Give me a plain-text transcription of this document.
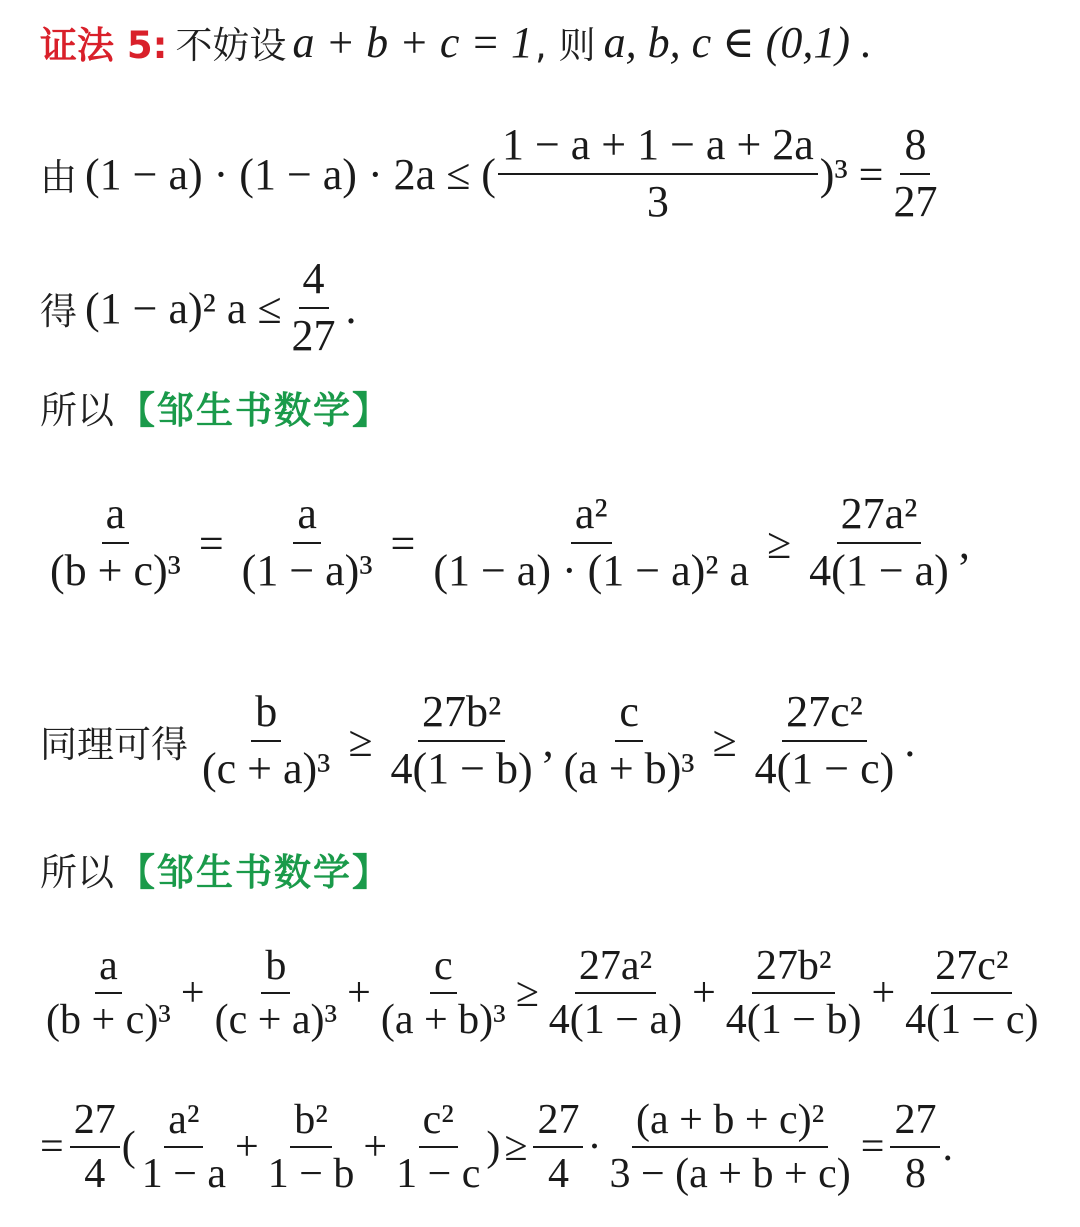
证法 5: 不妨设 a + b + c = 1 , 则 a, b, c ∈ (0,1) .
由 (1 − a) · (1 − a) · 2a ≤ ( $\frac{1 - a + 1 - a + 2a}{3} )^3 = \frac{8}{27}$
得 (1 − a)² $a \le \frac{4}{27}$ .
所以 【邹生书数学】
$\frac{a}{\text{(b + c)³}} = \frac{a}{\text{(1 − a)³}} = \frac{\text{a²}}{\text{(1 − a) · (1 − a)² a}} \ge \frac{\text{27a²}}{4(1 - a)}$ ,
同理可得 $\frac{b}{\text{(c + a)³}} \ge \frac{\text{27b²}}{4(1 - b)}$ , $\frac{c}{\text{(a + b)³}} \ge \frac{\text{27c²}}{4(1 - c)}$ .
所以 【邹生书数学】
$\frac{a}{\text{(b + c)³}} + \frac{b}{\text{(c + a)³}} + \frac{c}{\text{(a + b)³}} \ge \frac{\text{27a²}}{4(1 - a)} + \frac{\text{27b²}}{4(1 - b)} + \frac{\text{27c²}}{4(1 - c)}$
= $\frac{27}{4}$ ( $\frac{\text{a²}}{1 - a} + \frac{\text{b²}}{1 - b} + \frac{\text{c²}}{1 - c}$ ) ≥ $\frac{27}{4} \cdot \frac{\text{(a + b + c)²}}{3 - (a + b + c)} = \frac{27}{8}$ .
